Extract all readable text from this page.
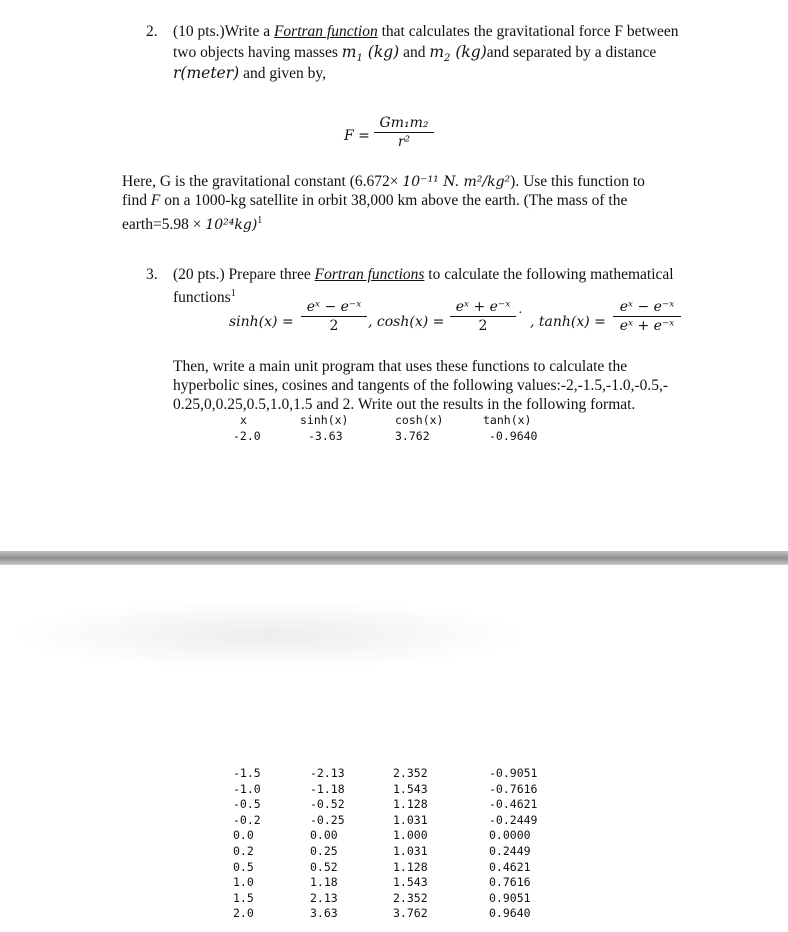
2. (10 pts.)Write a Fortran function that calculates the gravitational force F between
two objects having masses $m_1$ (kg) and $m_2$ (kg)and separated by a distance
r(meter) and given by,
F =
Gm₁m₂
r²
Here, G is the gravitational constant (6.672× 10⁻¹¹ N. m²/kg²). Use this function to
find F on a 1000-kg satellite in orbit 38,000 km above the earth. (The mass of the
earth=5.98 × 10²⁴kg)$^1$
3. (20 pts.) Prepare three Fortran functions to calculate the following mathematical
functions$^1$
sinh(x) =
eˣ − e⁻ˣ
2	, cosh(x) =
eˣ + e⁻ˣ
2
·
, tanh(x) =
eˣ − e⁻ˣ
eˣ + e⁻ˣ
Then, write a main unit program that uses these functions to calculate the
hyperbolic sines, cosines and tangents of the following values:-2,-1.5,-1.0,-0.5,-
0.25,0,0.25,0.5,1.0,1.5 and 2. Write out the results in the following format.
x	sinh(x)	cosh(x)	tanh(x)
-2.0	-3.63	3.762	-0.9640
-1.5	-2.13	2.352	-0.9051
-1.0	-1.18	1.543	-0.7616
-0.5	-0.52	1.128	-0.4621
-0.2	-0.25	1.031	-0.2449
0.0	0.00	1.000	0.0000
0.2	0.25	1.031	0.2449
0.5	0.52	1.128	0.4621
1.0	1.18	1.543	0.7616
1.5	2.13	2.352	0.9051
2.0	3.63	3.762	0.9640
